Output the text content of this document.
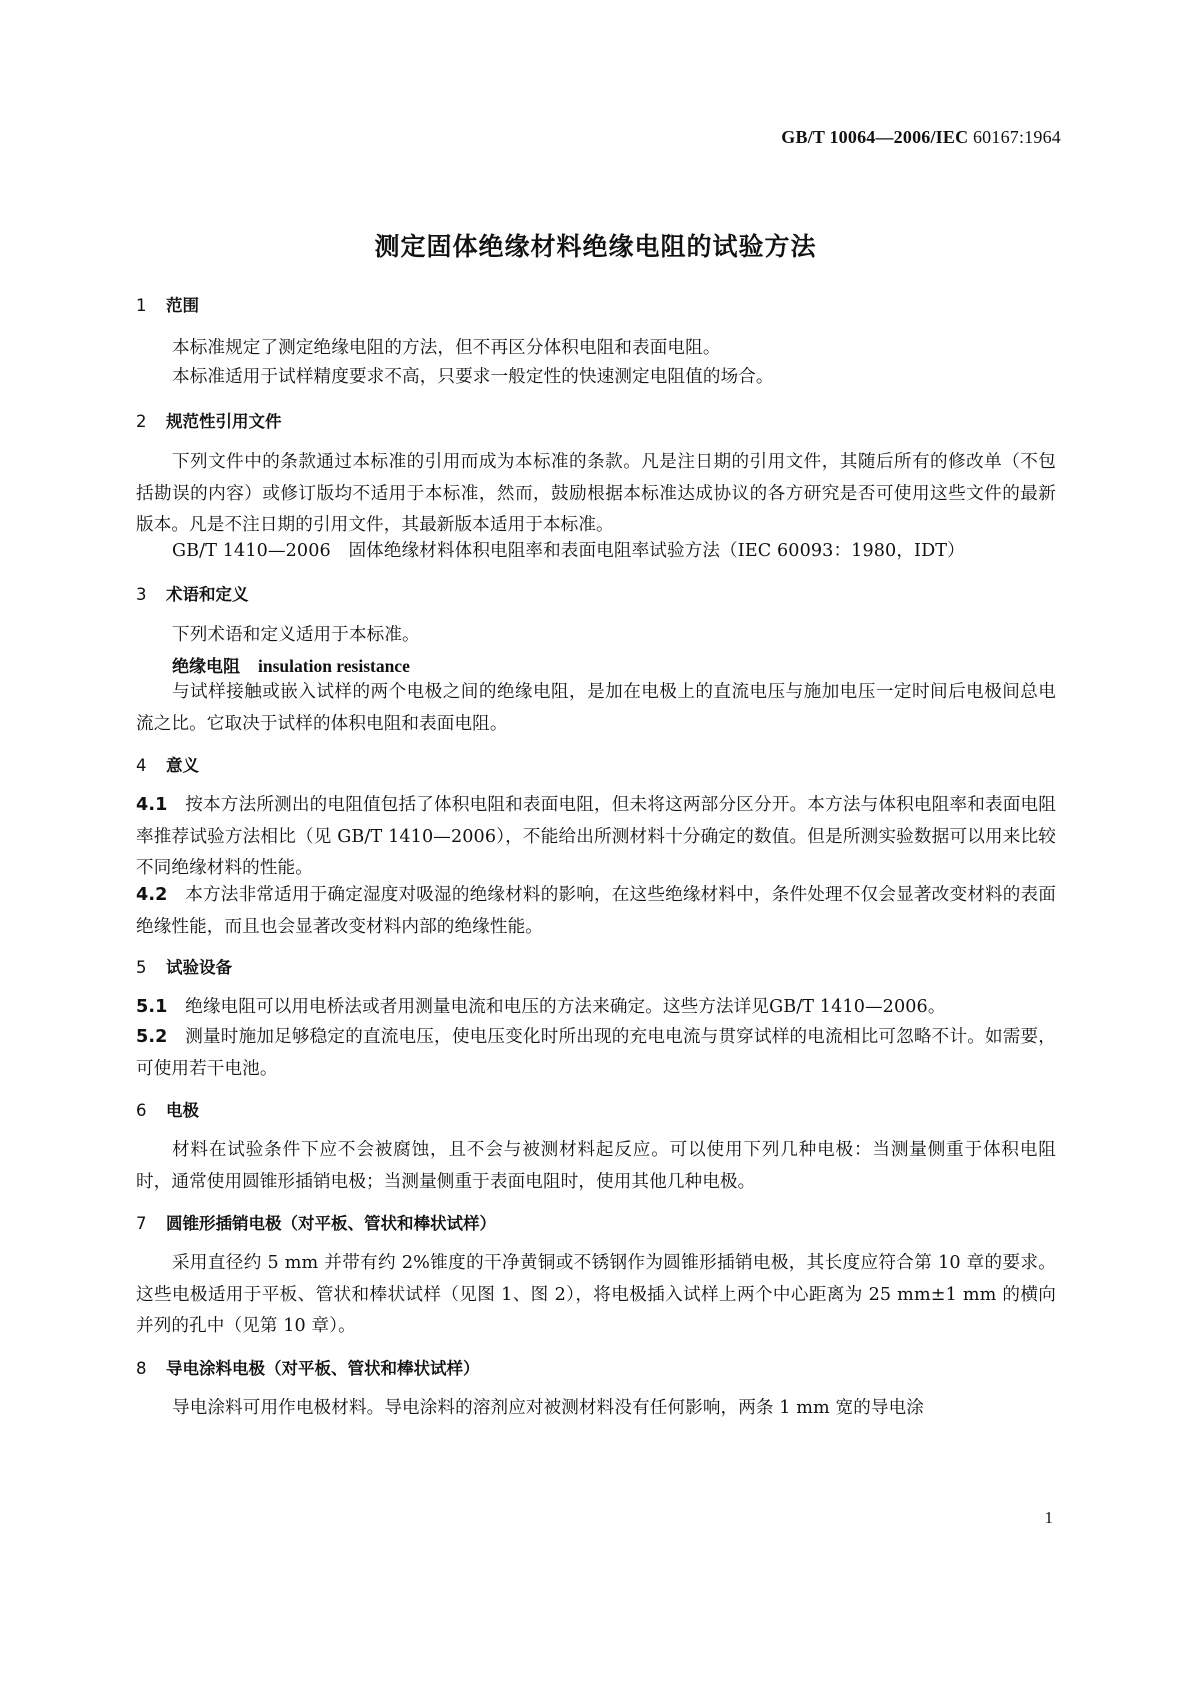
GB/T 10064—2006/IEC 60167:1964
测定固体绝缘材料绝缘电阻的试验方法
1 范围
本标准规定了测定绝缘电阻的方法，但不再区分体积电阻和表面电阻。
本标准适用于试样精度要求不高，只要求一般定性的快速测定电阻值的场合。
2 规范性引用文件
下列文件中的条款通过本标准的引用而成为本标准的条款。凡是注日期的引用文件，其随后所有的修改单（不包括勘误的内容）或修订版均不适用于本标准，然而，鼓励根据本标准达成协议的各方研究是否可使用这些文件的最新版本。凡是不注日期的引用文件，其最新版本适用于本标准。
GB/T 1410—2006　固体绝缘材料体积电阻率和表面电阻率试验方法（IEC 60093：1980，IDT）
3 术语和定义
下列术语和定义适用于本标准。
绝缘电阻 insulation resistance
与试样接触或嵌入试样的两个电极之间的绝缘电阻，是加在电极上的直流电压与施加电压一定时间后电极间总电流之比。它取决于试样的体积电阻和表面电阻。
4 意义
4.1  按本方法所测出的电阻值包括了体积电阻和表面电阻，但未将这两部分区分开。本方法与体积电阻率和表面电阻率推荐试验方法相比（见 GB/T 1410—2006），不能给出所测材料十分确定的数值。但是所测实验数据可以用来比较不同绝缘材料的性能。
4.2  本方法非常适用于确定湿度对吸湿的绝缘材料的影响，在这些绝缘材料中，条件处理不仅会显著改变材料的表面绝缘性能，而且也会显著改变材料内部的绝缘性能。
5 试验设备
5.1  绝缘电阻可以用电桥法或者用测量电流和电压的方法来确定。这些方法详见GB/T 1410—2006。
5.2  测量时施加足够稳定的直流电压，使电压变化时所出现的充电电流与贯穿试样的电流相比可忽略不计。如需要，可使用若干电池。
6 电极
材料在试验条件下应不会被腐蚀，且不会与被测材料起反应。可以使用下列几种电极：当测量侧重于体积电阻时，通常使用圆锥形插销电极；当测量侧重于表面电阻时，使用其他几种电极。
7 圆锥形插销电极（对平板、管状和棒状试样）
采用直径约 5 mm 并带有约 2%锥度的干净黄铜或不锈钢作为圆锥形插销电极，其长度应符合第 10 章的要求。这些电极适用于平板、管状和棒状试样（见图 1、图 2），将电极插入试样上两个中心距离为 25 mm±1 mm 的横向并列的孔中（见第 10 章）。
8 导电涂料电极（对平板、管状和棒状试样）
导电涂料可用作电极材料。导电涂料的溶剂应对被测材料没有任何影响，两条 1 mm 宽的导电涂
1
